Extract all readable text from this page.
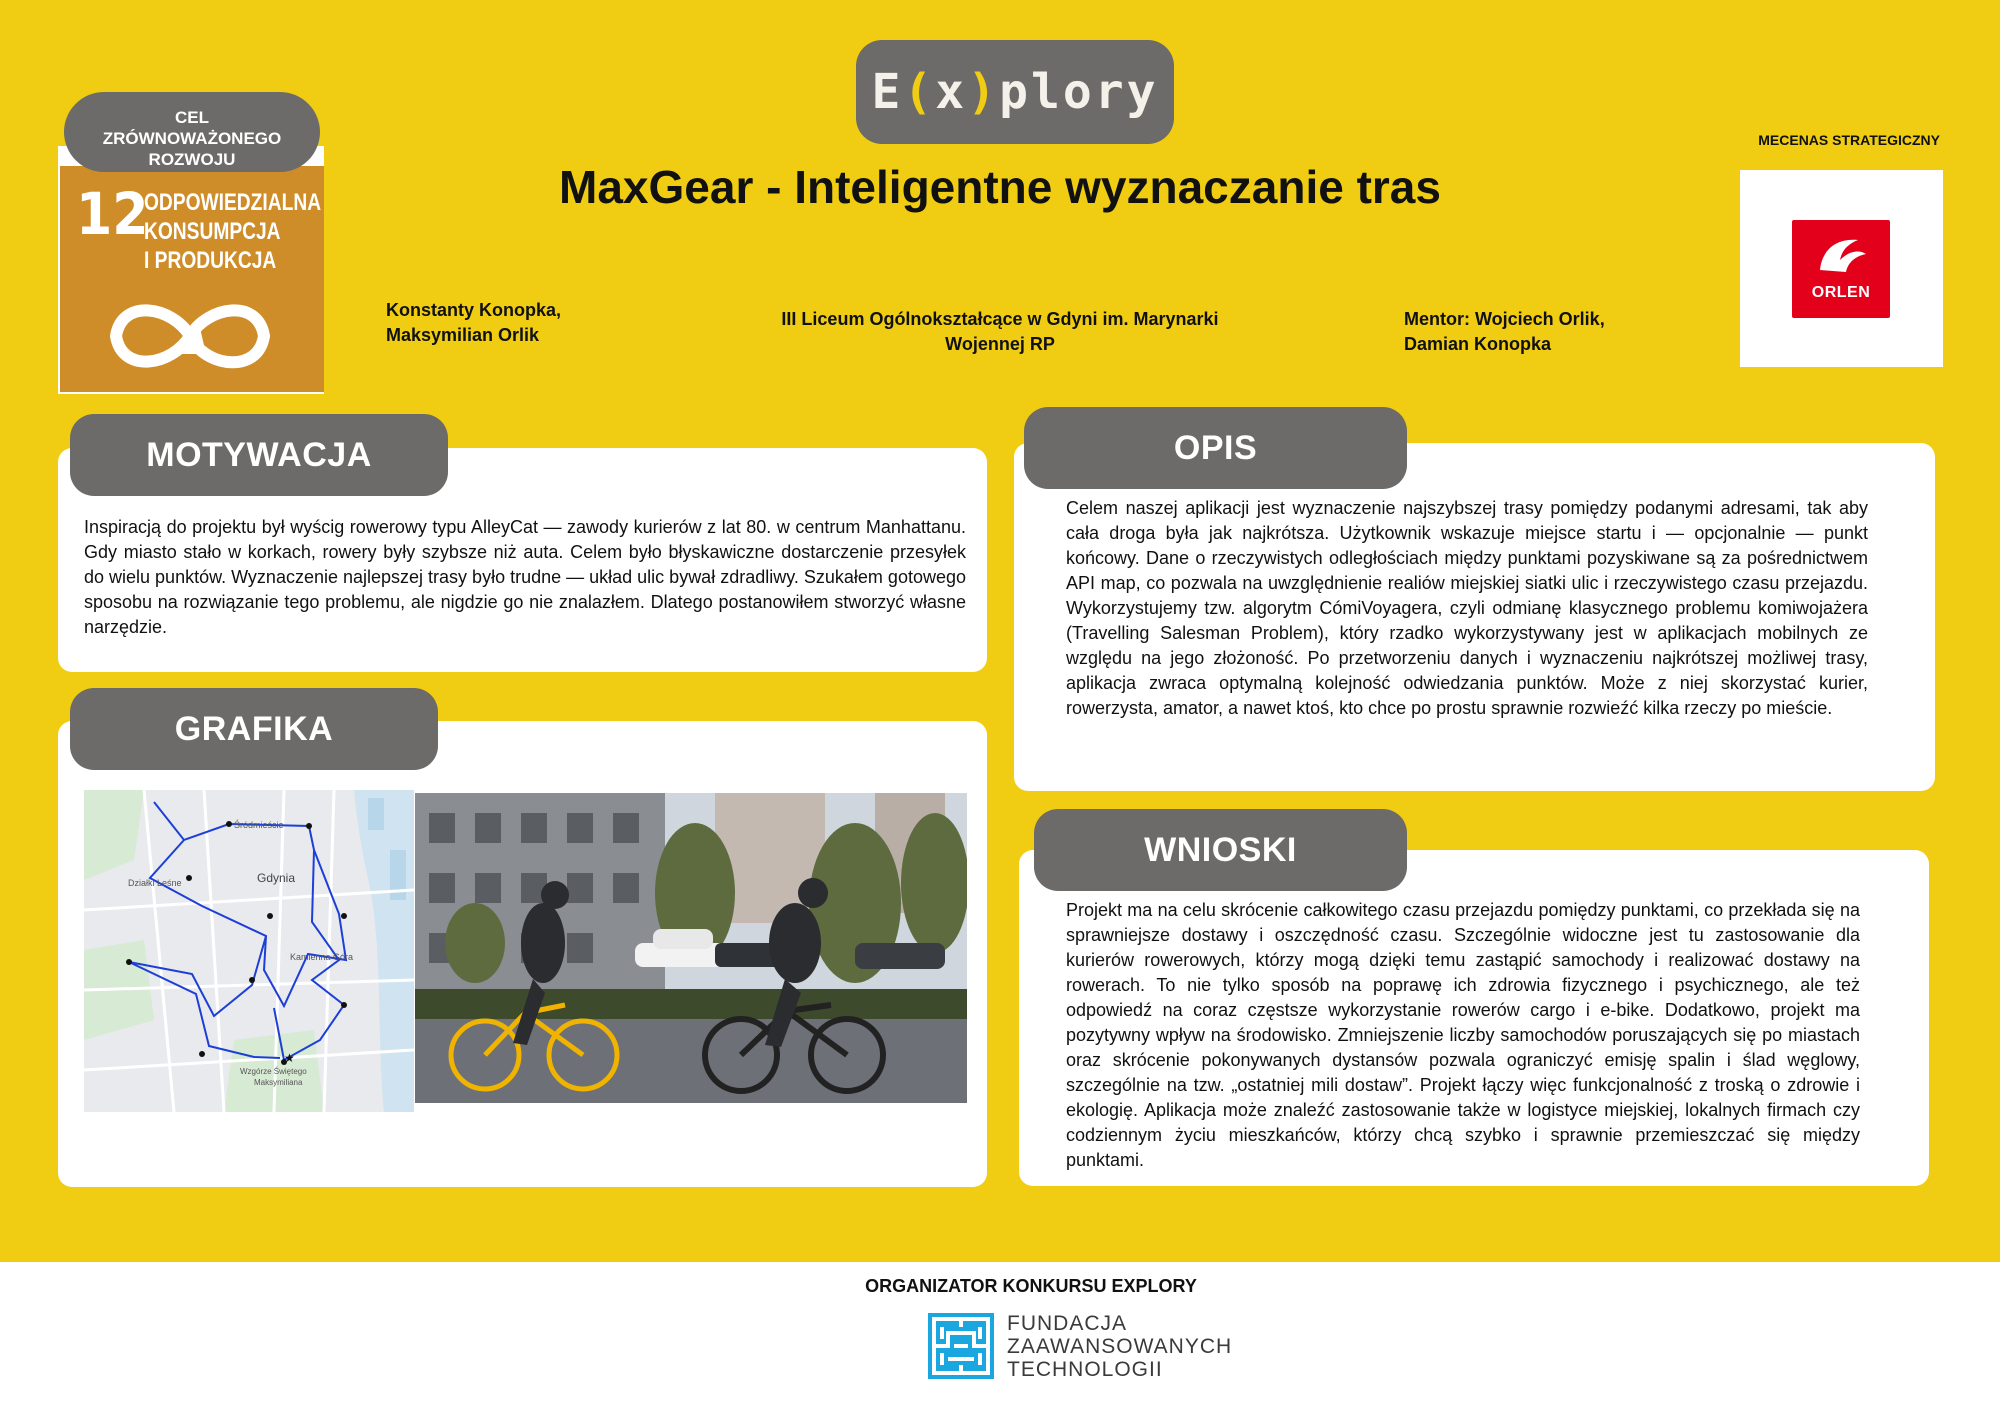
E(x)plory
MaxGear - Inteligentne wyznaczanie tras
Konstanty Konopka,
Maksymilian Orlik
III Liceum Ogólnokształcące w Gdyni im. Marynarki Wojennej RP
Mentor: Wojciech Orlik,
Damian Konopka
CEL ZRÓWNOWAŻONEGO ROZWOJU
12
ODPOWIEDZIALNA
KONSUMPCJA
I PRODUKCJA
MECENAS STRATEGICZNY
ORLEN
MOTYWACJA

Inspiracją do projektu był wyścig rowerowy typu AlleyCat — zawody kurierów z lat 80. w centrum Manhattanu. Gdy miasto stało w korkach, rowery były szybsze niż auta. Celem było błyskawiczne dostarczenie przesyłek do wielu punktów. Wyznaczenie najlepszej trasy było trudne — układ ulic bywał zdradliwy. Szukałem gotowego sposobu na rozwiązanie tego problemu, ale nigdzie go nie znalazłem. Dlatego postanowiłem stworzyć własne narzędzie.

GRAFIKA
★
Śródmieście
Gdynia
Działki Leśne
Kamienna Góra
Wzgórze Świętego Maksymiliana
OPIS

Celem naszej aplikacji jest wyznaczenie najszybszej trasy pomiędzy podanymi adresami, tak aby cała droga była jak najkrótsza. Użytkownik wskazuje miejsce startu i — opcjonalnie — punkt końcowy. Dane o rzeczywistych odległościach między punktami pozyskiwane są za pośrednictwem API map, co pozwala na uwzględnienie realiów miejskiej siatki ulic i rzeczywistego czasu przejazdu. Wykorzystujemy tzw. algorytm CómiVoyagera, czyli odmianę klasycznego problemu komiwojażera (Travelling Salesman Problem), który rzadko wykorzystywany jest w aplikacjach mobilnych ze względu na jego złożoność. Po przetworzeniu danych i wyznaczeniu najkrótszej możliwej trasy, aplikacja zwraca optymalną kolejność odwiedzania punktów. Może z niej skorzystać kurier, rowerzysta, amator, a nawet ktoś, kto chce po prostu sprawnie rozwieźć kilka rzeczy po mieście.

WNIOSKI

Projekt ma na celu skrócenie całkowitego czasu przejazdu pomiędzy punktami, co przekłada się na sprawniejsze dostawy i oszczędność czasu. Szczególnie widoczne jest tu zastosowanie dla kurierów rowerowych, którzy mogą dzięki temu zastąpić samochody i realizować dostawy na rowerach. To nie tylko sposób na poprawę ich zdrowia fizycznego i psychicznego, ale też odpowiedź na coraz częstsze wykorzystanie rowerów cargo i e-bike. Dodatkowo, projekt ma pozytywny wpływ na środowisko. Zmniejszenie liczby samochodów poruszających się po miastach oraz skrócenie pokonywanych dystansów pozwala ograniczyć emisję spalin i ślad węglowy, szczególnie na tzw. „ostatniej mili dostaw”. Projekt łączy więc funkcjonalność z troską o zdrowie i ekologię. Aplikacja może znaleźć zastosowanie także w logistyce miejskiej, lokalnych firmach czy codziennym życiu mieszkańców, którzy chcą szybko i sprawnie przemieszczać się między punktami.

ORGANIZATOR KONKURSU EXPLORY
FUNDACJA
ZAAWANSOWANYCH
TECHNOLOGII
